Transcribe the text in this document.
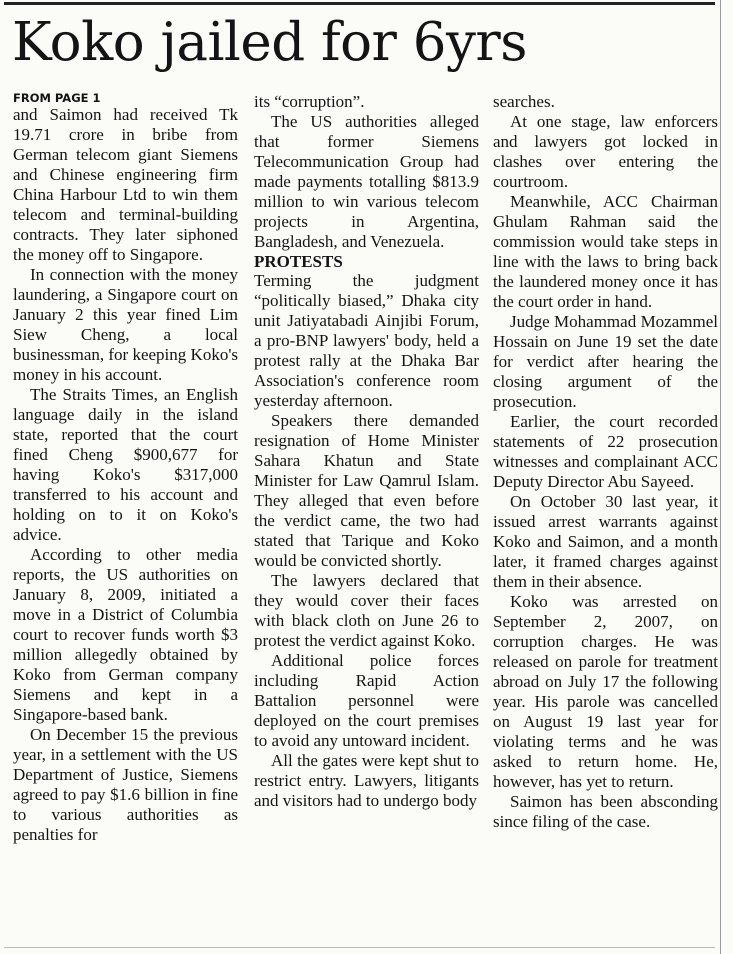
Koko jailed for 6yrs
FROM PAGE 1

and Saimon had received Tk 19.71 crore in bribe from German telecom giant Siemens and Chinese engineering firm China Harbour Ltd to win them telecom and terminal-building contracts. They later siphoned the money off to Singapore.

In connection with the money laundering, a Singapore court on January 2 this year fined Lim Siew Cheng, a local businessman, for keeping Koko's money in his account.

The Straits Times, an English language daily in the island state, reported that the court fined Cheng $900,677 for having Koko's $317,000 transferred to his account and holding on to it on Koko's advice.

According to other media reports, the US authorities on January 8, 2009, initiated a move in a District of Columbia court to recover funds worth $3 million allegedly obtained by Koko from German company Siemens and kept in a Singapore-based bank.

On December 15 the previous year, in a settlement with the US Department of Justice, Siemens agreed to pay $1.6 billion in fine to various authorities as penalties for

its “corruption”.

The US authorities alleged that former Siemens Telecommunication Group had made payments totalling $813.9 million to win various telecom projects in Argentina, Bangladesh, and Venezuela.

PROTESTS

Terming the judgment “politically biased,” Dhaka city unit Jatiyatabadi Ainjibi Forum, a pro-BNP lawyers' body, held a protest rally at the Dhaka Bar Association's conference room yesterday afternoon.

Speakers there demanded resignation of Home Minister Sahara Khatun and State Minister for Law Qamrul Islam. They alleged that even before the verdict came, the two had stated that Tarique and Koko would be convicted shortly.

The lawyers declared that they would cover their faces with black cloth on June 26 to protest the verdict against Koko.

Additional police forces including Rapid Action Battalion personnel were deployed on the court premises to avoid any untoward incident.

All the gates were kept shut to restrict entry. Lawyers, litigants and visitors had to undergo body

searches.

At one stage, law enforcers and lawyers got locked in clashes over entering the courtroom.

Meanwhile, ACC Chairman Ghulam Rahman said the commission would take steps in line with the laws to bring back the laundered money once it has the court order in hand.

Judge Mohammad Mozammel Hossain on June 19 set the date for verdict after hearing the closing argument of the prosecution.

Earlier, the court recorded statements of 22 prosecution witnesses and complainant ACC Deputy Director Abu Sayeed.

On October 30 last year, it issued arrest warrants against Koko and Saimon, and a month later, it framed charges against them in their absence.

Koko was arrested on September 2, 2007, on corruption charges. He was released on parole for treatment abroad on July 17 the following year. His parole was cancelled on August 19 last year for violating terms and he was asked to return home. He, however, has yet to return.

Saimon has been absconding since filing of the case.
